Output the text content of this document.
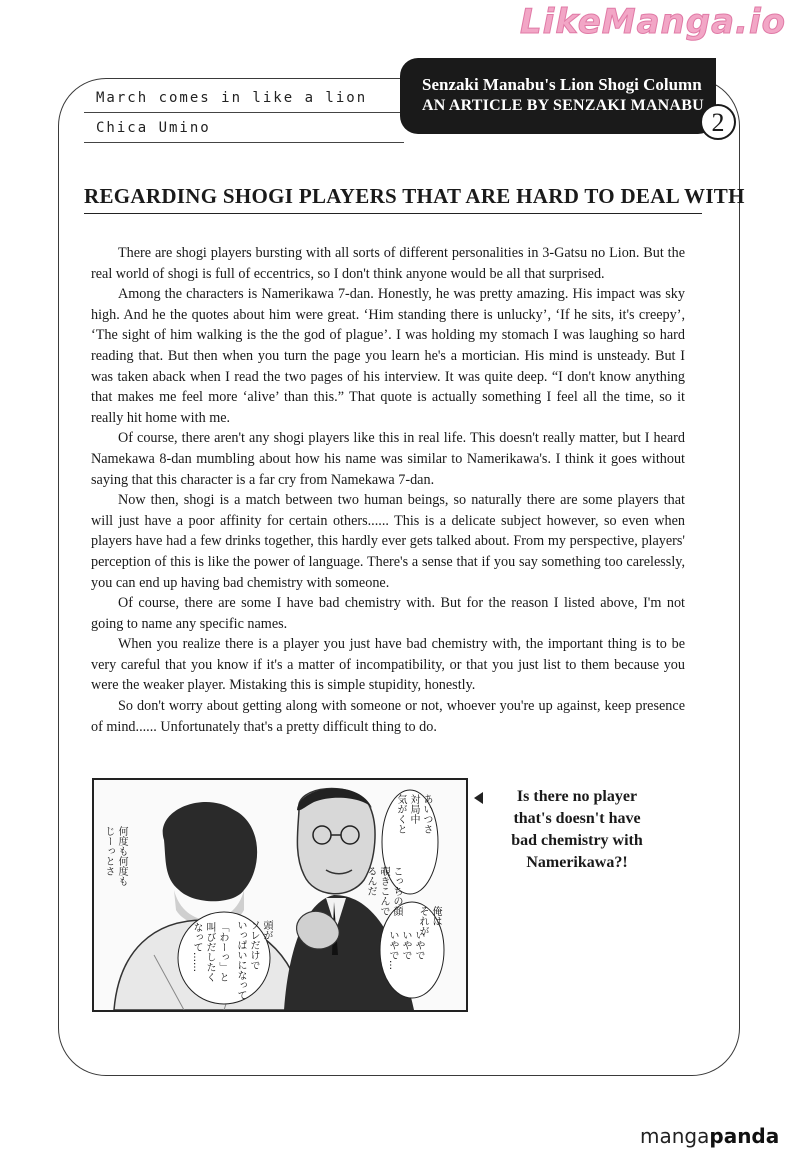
LikeManga.io
March comes in like a lion
Chica Umino
Senzaki Manabu's Lion Shogi Column
AN ARTICLE BY SENZAKI MANABU
2
REGARDING SHOGI PLAYERS THAT ARE HARD TO DEAL WITH

There are shogi players bursting with all sorts of different personalities in 3-Gatsu no Lion. But the real world of shogi is full of eccentrics, so I don't think anyone would be all that surprised.

Among the characters is Namerikawa 7-dan. Honestly, he was pretty amazing. His impact was sky high. And he the quotes about him were great. ‘Him standing there is unlucky’, ‘If he sits, it's creepy’, ‘The sight of him walking is the the god of plague’. I was holding my stomach I was laughing so hard reading that. But then when you turn the page you learn he's a mortician. His mind is unsteady. But I was taken aback when I read the two pages of his interview. It was quite deep. “I don't know anything that makes me feel more ‘alive’ than this.” That quote is actually something I feel all the time, so it really hit home with me.

Of course, there aren't any shogi players like this in real life. This doesn't really matter, but I heard Namekawa 8-dan mumbling about how his name was similar to Namerikawa's. I think it goes without saying that this character is a far cry from Namekawa 7-dan.

Now then, shogi is a match between two human beings, so naturally there are some players that will just have a poor affinity for certain others...... This is a delicate subject however, so even when players have had a few drinks together, this hardly ever gets talked about. From my perspective, players' perception of this is like the power of language. There's a sense that if you say something too carelessly, you can end up having bad chemistry with someone.

Of course, there are some I have bad chemistry with. But for the reason I listed above, I'm not going to name any specific names.

When you realize there is a player you just have bad chemistry with, the important thing is to be very careful that you know if it's a matter of incompatibility, or that you just list to them because you were the weaker player. Mistaking this is simple stupidity, honestly.

So don't worry about getting along with someone or not, whoever you're up against, keep presence of mind...... Unfortunately that's a pretty difficult thing to do.

あいつさ
対局中
気がくと
何度も何度も
じーっとさ
こっちの顔
覗きこんで
るんだ
俺は
それが
いやで
いやで
いやで…
頭が
ソレだけで
いっぱいになって
「わーっ」と
叫びだしたく
なって……
Is there no player
that's doesn't have
bad chemistry with
Namerikawa?!
mangapanda
